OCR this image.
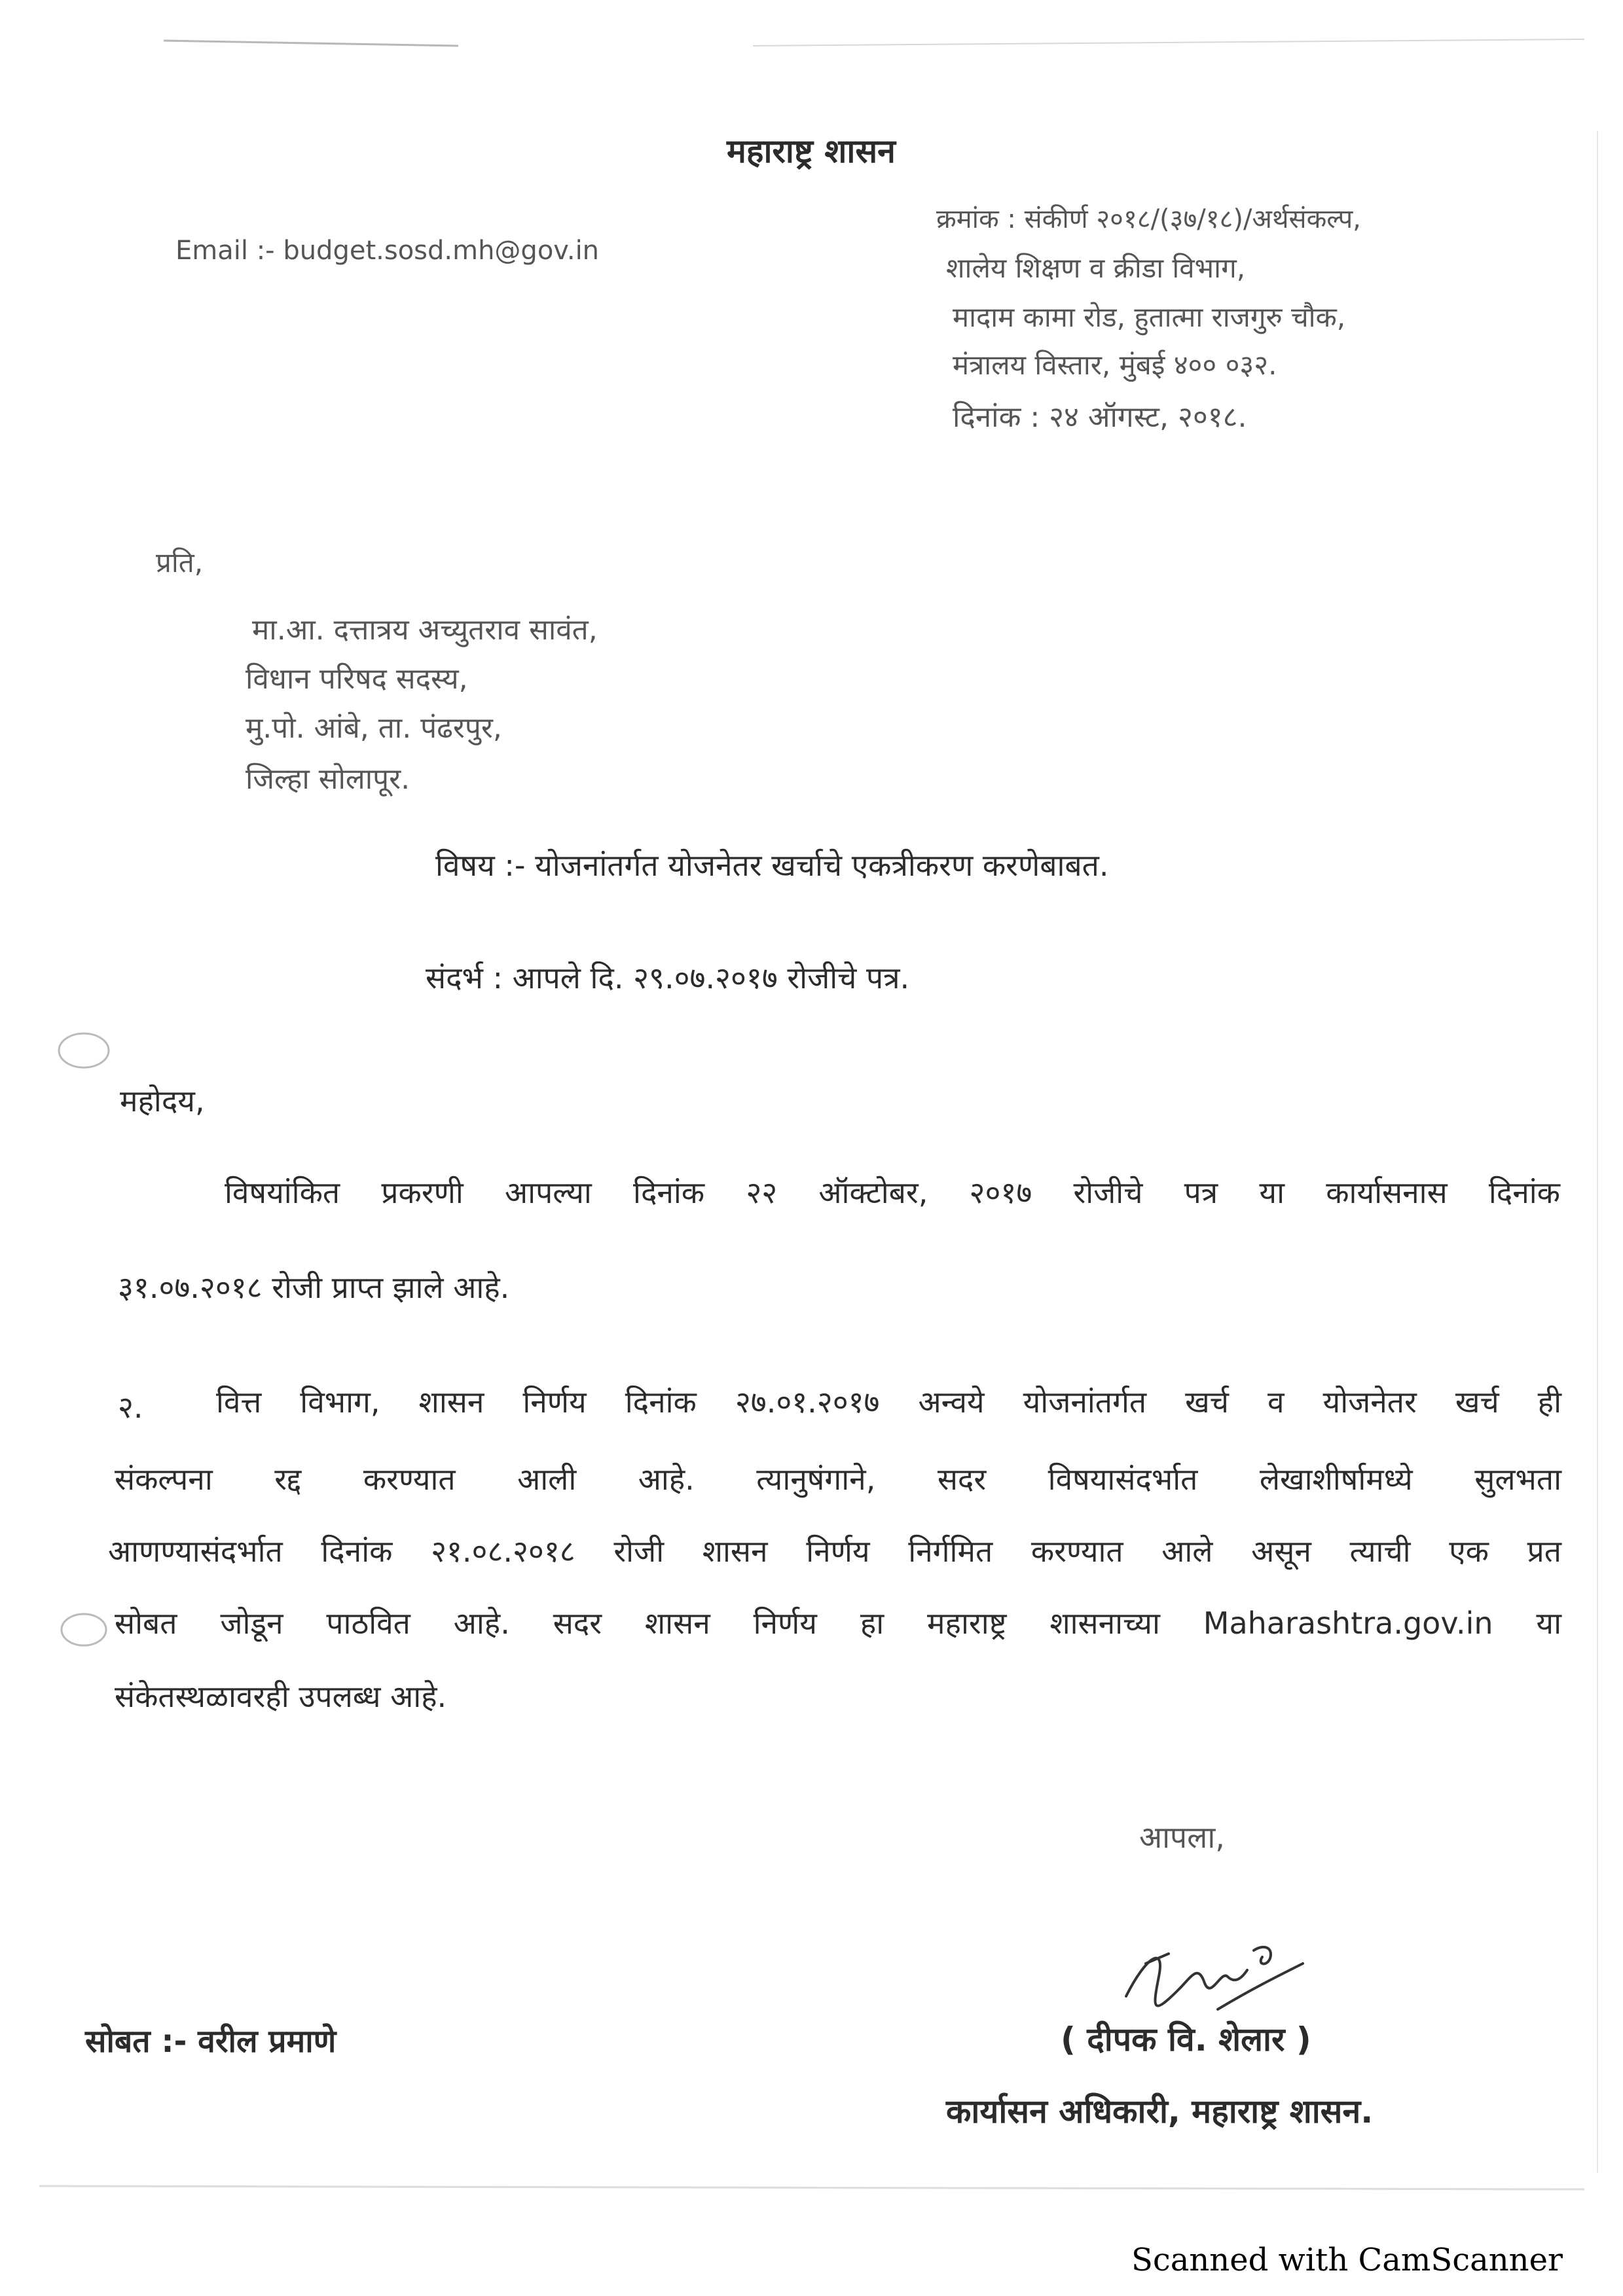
महाराष्ट्र शासन
Email :- budget.sosd.mh@gov.in
क्रमांक : संकीर्ण २०१८/(३७/१८)/अर्थसंकल्प,
शालेय शिक्षण व क्रीडा विभाग,
मादाम कामा रोड, हुतात्मा राजगुरु चौक,
मंत्रालय विस्तार, मुंबई ४०० ०३२.
दिनांक : २४ ऑगस्ट, २०१८.
प्रति,
मा.आ. दत्तात्रय अच्युतराव सावंत,
विधान परिषद सदस्य,
मु.पो. आंबे, ता. पंढरपुर,
जिल्हा सोलापूर.
विषय :- योजनांतर्गत योजनेतर खर्चाचे एकत्रीकरण करणेबाबत.
संदर्भ : आपले दि. २९.०७.२०१७ रोजीचे पत्र.
महोदय,
विषयांकित प्रकरणी आपल्या दिनांक २२ ऑक्टोबर, २०१७ रोजीचे पत्र या कार्यासनास दिनांक
३१.०७.२०१८ रोजी प्राप्त झाले आहे.
२. वित्त विभाग, शासन निर्णय दिनांक २७.०१.२०१७ अन्वये योजनांतर्गत खर्च व योजनेतर खर्च ही
संकल्पना रद्द करण्यात आली आहे. त्यानुषंगाने, सदर विषयासंदर्भात लेखाशीर्षामध्ये सुलभता
आणण्यासंदर्भात दिनांक २१.०८.२०१८ रोजी शासन निर्णय निर्गमित करण्यात आले असून त्याची एक प्रत
सोबत जोडून पाठवित आहे. सदर शासन निर्णय हा महाराष्ट्र शासनाच्या Maharashtra.gov.in या
संकेतस्थळावरही उपलब्ध आहे.
आपला,
सोबत :- वरील प्रमाणे	( दीपक वि. शेलार )
कार्यासन अधिकारी, महाराष्ट्र शासन.
Scanned with CamScanner
